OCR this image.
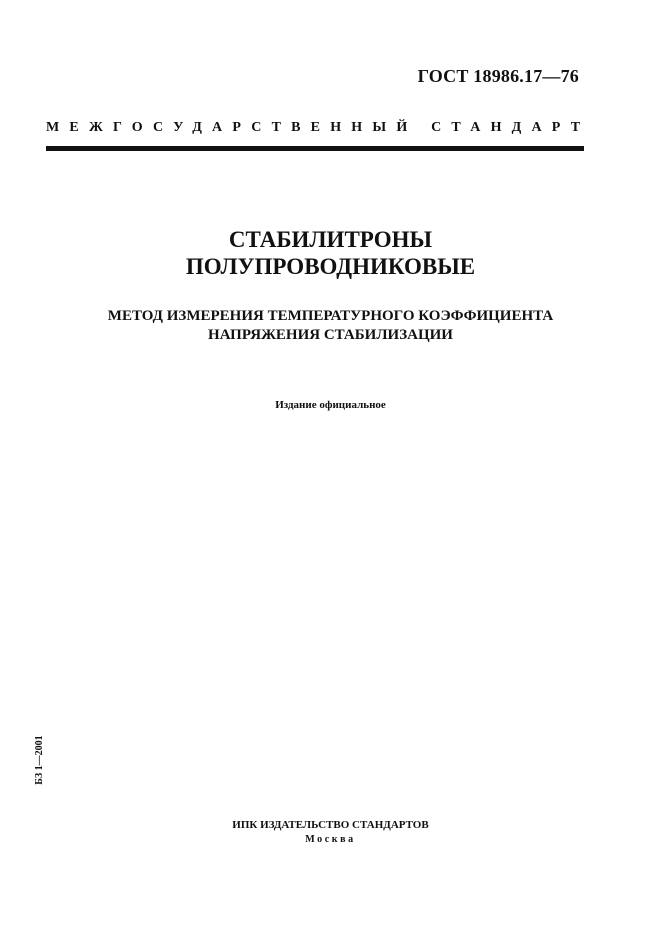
ГОСТ 18986.17—76
МЕЖГОСУДАРСТВЕННЫЙ СТАНДАРТ
СТАБИЛИТРОНЫ
ПОЛУПРОВОДНИКОВЫЕ
МЕТОД ИЗМЕРЕНИЯ ТЕМПЕРАТУРНОГО КОЭФФИЦИЕНТА
НАПРЯЖЕНИЯ СТАБИЛИЗАЦИИ
Издание официальное
БЗ 1—2001
ИПК ИЗДАТЕЛЬСТВО СТАНДАРТОВ
Москва
